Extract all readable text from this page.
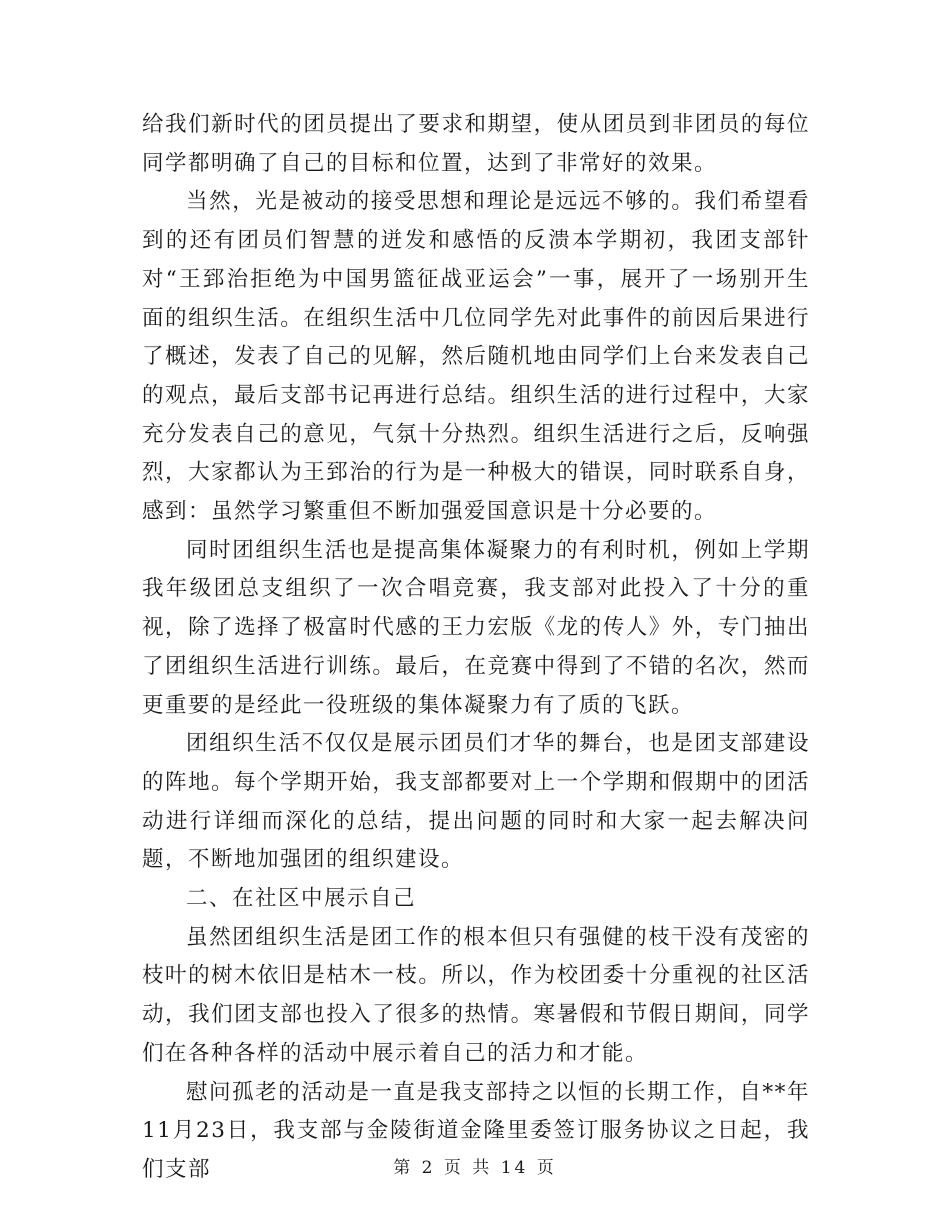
给我们新时代的团员提出了要求和期望，使从团员到非团员的每位同学都明确了自己的目标和位置，达到了非常好的效果。

当然，光是被动的接受思想和理论是远远不够的。我们希望看到的还有团员们智慧的迸发和感悟的反溃本学期初，我团支部针对“王郅治拒绝为中国男篮征战亚运会”一事，展开了一场别开生面的组织生活。在组织生活中几位同学先对此事件的前因后果进行了概述，发表了自己的见解，然后随机地由同学们上台来发表自己的观点，最后支部书记再进行总结。组织生活的进行过程中，大家充分发表自己的意见，气氛十分热烈。组织生活进行之后，反响强烈，大家都认为王郅治的行为是一种极大的错误，同时联系自身，感到：虽然学习繁重但不断加强爱国意识是十分必要的。

同时团组织生活也是提高集体凝聚力的有利时机，例如上学期我年级团总支组织了一次合唱竞赛，我支部对此投入了十分的重视，除了选择了极富时代感的王力宏版《龙的传人》外，专门抽出了团组织生活进行训练。最后，在竞赛中得到了不错的名次，然而更重要的是经此一役班级的集体凝聚力有了质的飞跃。

团组织生活不仅仅是展示团员们才华的舞台，也是团支部建设的阵地。每个学期开始，我支部都要对上一个学期和假期中的团活动进行详细而深化的总结，提出问题的同时和大家一起去解决问题，不断地加强团的组织建设。

二、在社区中展示自己

虽然团组织生活是团工作的根本但只有强健的枝干没有茂密的枝叶的树木依旧是枯木一枝。所以，作为校团委十分重视的社区活动，我们团支部也投入了很多的热情。寒暑假和节假日期间，同学们在各种各样的活动中展示着自己的活力和才能。

慰问孤老的活动是一直是我支部持之以恒的长期工作，自**年11月23日，我支部与金陵街道金隆里委签订服务协议之日起，我们支部	第 2 页 共 14 页
